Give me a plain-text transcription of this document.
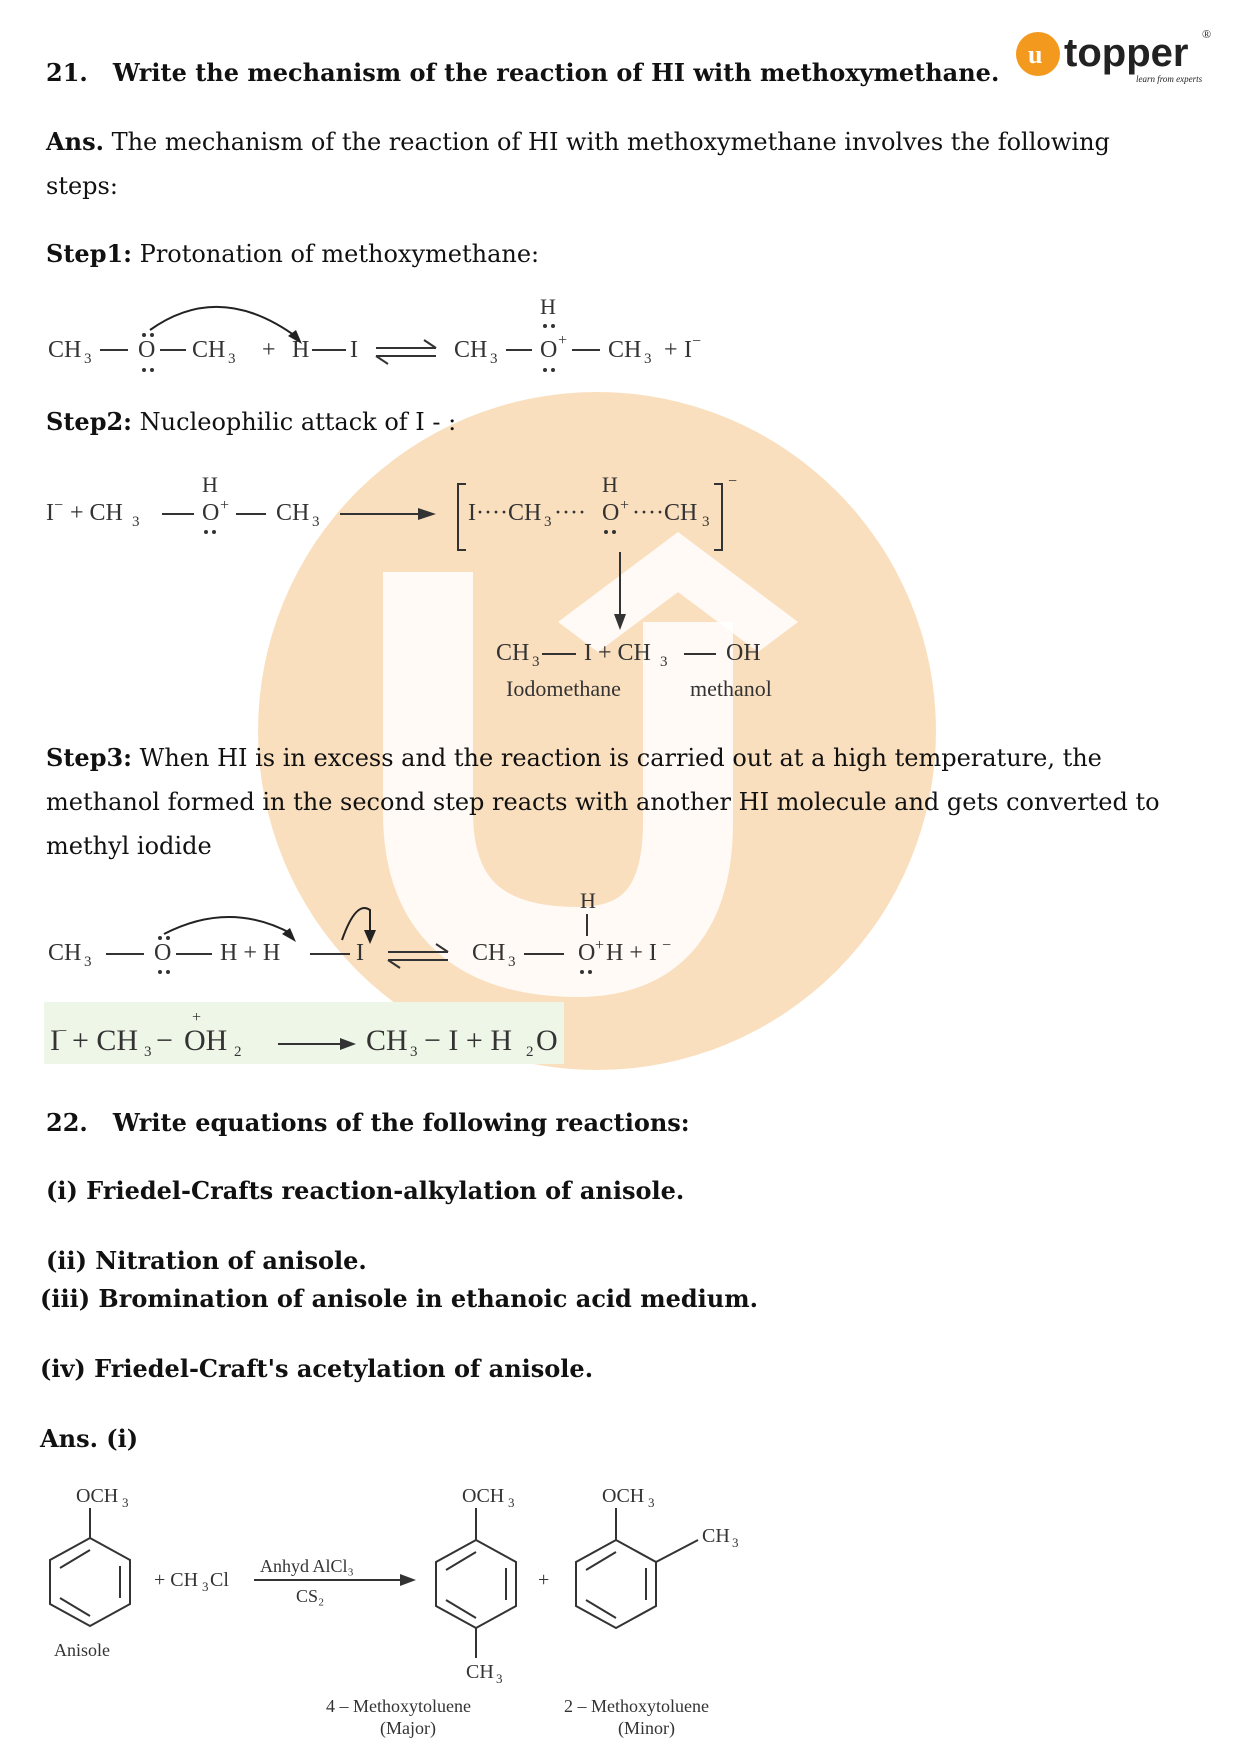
u topper ®
learn from experts
21. Write the mechanism of the reaction of HI with methoxymethane.
Ans. The mechanism of the reaction of HI with methoxymethane involves the following steps:
Step1: Protonation of methoxymethane:
CH 3 O CH 3 + H I	CH 3
H
O + CH 3 + I −
Step2: Nucleophilic attack of I - :
I − + CH 3
H
O + CH 3	I····CH 3 ····
H
O + ····CH 3
−
CH 3 I + CH 3 OH
Iodomethane	methanol
Step3: When HI is in excess and the reaction is carried out at a high temperature, the methanol formed in the second step reacts with another HI molecule and gets converted to methyl iodide
CH 3	O H + H	I	CH 3
H
O + H + I −
I
− + CH 3 − OH
+
2	CH 3 − I + H 2 O
22. Write equations of the following reactions:
(i) Friedel-Crafts reaction-alkylation of anisole.
(ii) Nitration of anisole.
(iii) Bromination of anisole in ethanoic acid medium.
(iv) Friedel-Craft's acetylation of anisole.
Ans. (i)
OCH 3
Anisole
+ CH 3 Cl
Anhyd AlCl₃
CS₂
OCH 3
CH 3
+
OCH 3
CH 3
4 – Methoxytoluene
(Major)
2 – Methoxytoluene
(Minor)
